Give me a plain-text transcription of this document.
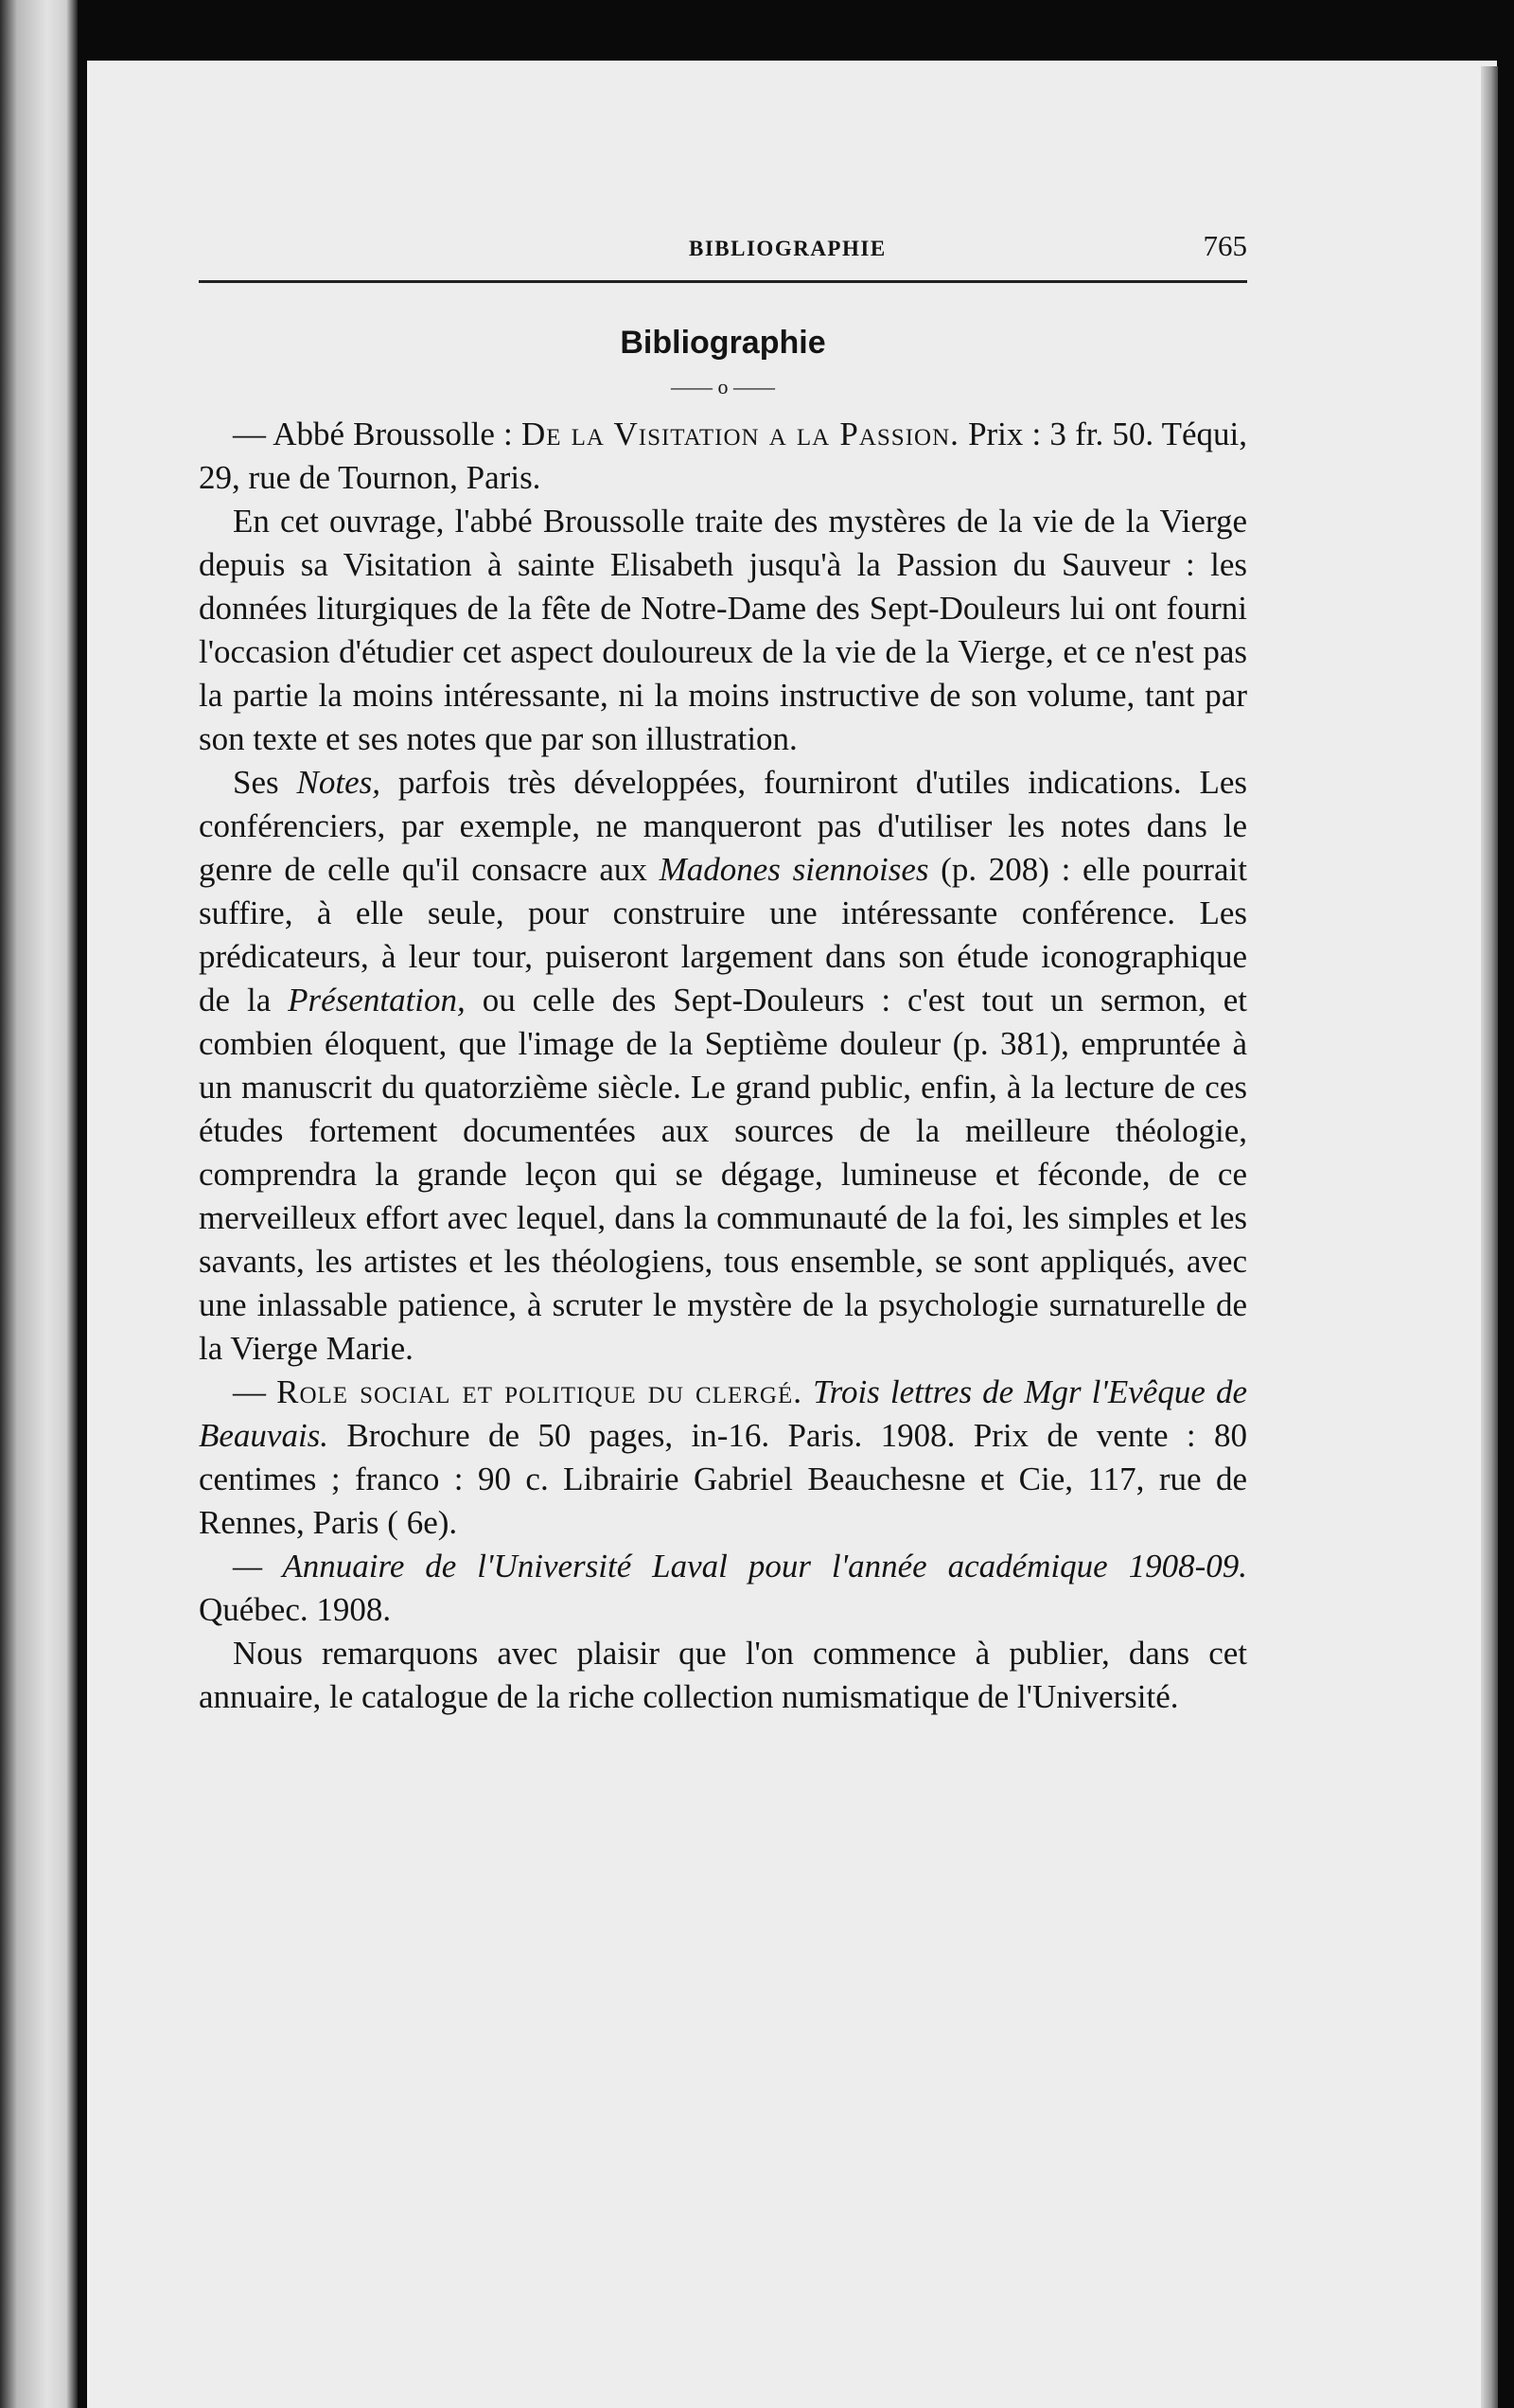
BIBLIOGRAPHIE	765
Bibliographie
—— o ——

— Abbé Broussolle : De la Visitation a la Passion. Prix : 3 fr. 50. Téqui, 29, rue de Tournon, Paris.

En cet ouvrage, l'abbé Broussolle traite des mystères de la vie de la Vierge depuis sa Visitation à sainte Elisabeth jusqu'à la Passion du Sauveur : les données liturgiques de la fête de Notre-Dame des Sept-Douleurs lui ont fourni l'occasion d'étudier cet aspect douloureux de la vie de la Vierge, et ce n'est pas la partie la moins intéressante, ni la moins instructive de son volume, tant par son texte et ses notes que par son illustration.

Ses Notes, parfois très développées, fourniront d'utiles indications. Les conférenciers, par exemple, ne manqueront pas d'utiliser les notes dans le genre de celle qu'il consacre aux Madones siennoises (p. 208) : elle pourrait suffire, à elle seule, pour construire une intéressante conférence. Les prédicateurs, à leur tour, puiseront largement dans son étude iconographique de la Présentation, ou celle des Sept-Douleurs : c'est tout un sermon, et combien éloquent, que l'image de la Septième douleur (p. 381), empruntée à un manuscrit du quatorzième siècle. Le grand public, enfin, à la lecture de ces études fortement documentées aux sources de la meilleure théologie, comprendra la grande leçon qui se dégage, lumineuse et féconde, de ce merveilleux effort avec lequel, dans la communauté de la foi, les simples et les savants, les artistes et les théologiens, tous ensemble, se sont appliqués, avec une inlassable patience, à scruter le mystère de la psychologie surnaturelle de la Vierge Marie.

— Role social et politique du clergé. Trois lettres de Mgr l'Evêque de Beauvais. Brochure de 50 pages, in-16. Paris. 1908. Prix de vente : 80 centimes ; franco : 90 c. Librairie Gabriel Beauchesne et Cie, 117, rue de Rennes, Paris ( 6e).

— Annuaire de l'Université Laval pour l'année académique 1908-09. Québec. 1908.

Nous remarquons avec plaisir que l'on commence à publier, dans cet annuaire, le catalogue de la riche collection numismatique de l'Université.
